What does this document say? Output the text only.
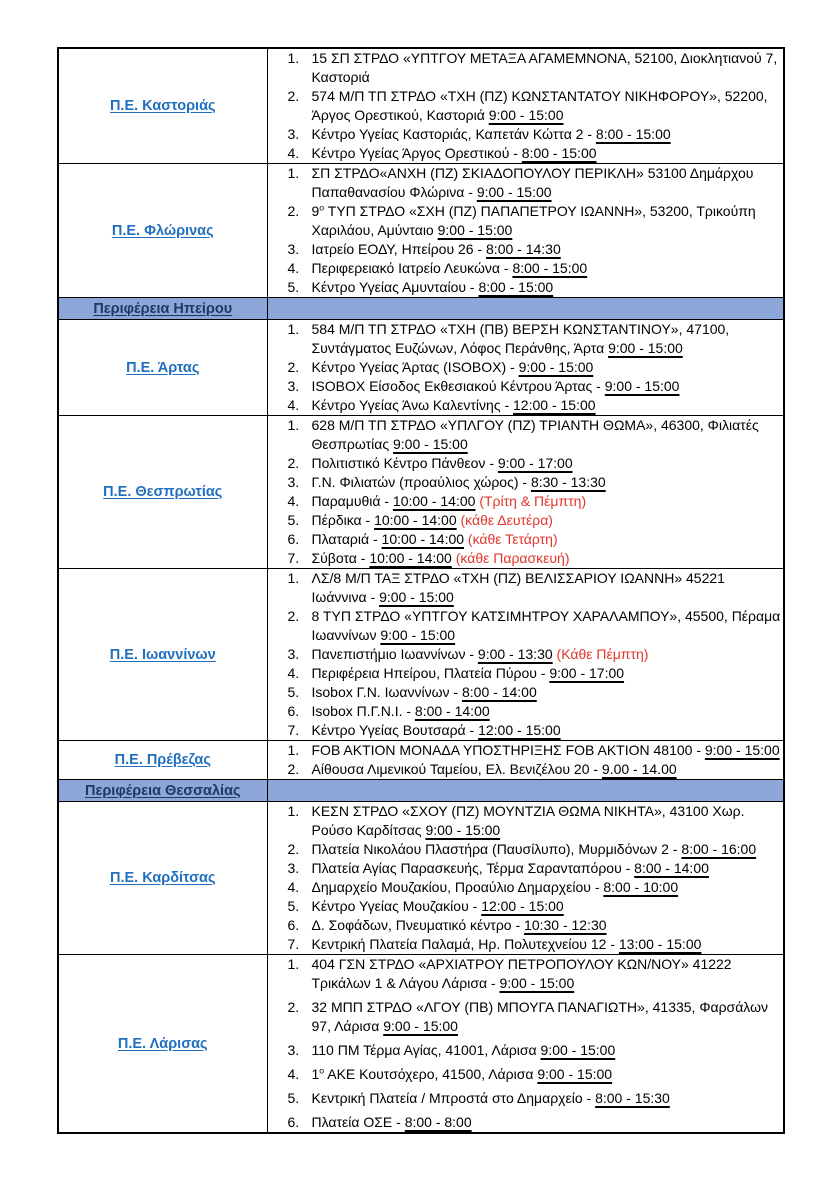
Π.Ε. Καστοριάς	
15 ΣΠ ΣΤΡΔΟ «ΥΠΤΓΟΥ ΜΕΤΑΞΑ ΑΓΑΜΕΜΝΟΝΑ, 52100, Διοκλητιανού 7, Καστοριά
574 Μ/Π ΤΠ ΣΤΡΔΟ «ΤΧΗ (ΠΖ) ΚΩΝΣΤΑΝΤΑΤΟΥ ΝΙΚΗΦΟΡΟΥ», 52200, Άργος Ορεστικού, Καστοριά 9:00 - 15:00
Κέντρο Υγείας Καστοριάς, Καπετάν Κώττα 2 - 8:00 - 15:00
Κέντρο Υγείας Άργος Ορεστικού - 8:00 - 15:00

Π.Ε. Φλώρινας	
ΣΠ ΣΤΡΔΟ«ΑΝΧΗ (ΠΖ) ΣΚΙΑΔΟΠΟΥΛΟΥ ΠΕΡΙΚΛΗ» 53100 Δημάρχου Παπαθανασίου Φλώρινα - 9:00 - 15:00
$9^o$ ΤΥΠ ΣΤΡΔΟ «ΣΧΗ (ΠΖ) ΠΑΠΑΠΕΤΡΟΥ ΙΩΑΝΝΗ», 53200, Τρικούπη Χαριλάου, Αμύνταιο 9:00 - 15:00
Ιατρείο ΕΟΔΥ, Ηπείρου 26 - 8:00 - 14:30
Περιφερειακό Ιατρείο Λευκώνα - 8:00 - 15:00
Κέντρο Υγείας Αμυνταίου - 8:00 - 15:00

Περιφέρεια Ηπείρου	
Π.Ε. Άρτας	
584 Μ/Π ΤΠ ΣΤΡΔΟ «ΤΧΗ (ΠΒ) ΒΕΡΣΗ ΚΩΝΣΤΑΝΤΙΝΟΥ», 47100, Συντάγματος Ευζώνων, Λόφος Περάνθης, Άρτα 9:00 - 15:00
Κέντρο Υγείας Άρτας (ISOBOX) - 9:00 - 15:00
ISOBOX Είσοδος Εκθεσιακού Κέντρου Άρτας - 9:00 - 15:00
Κέντρο Υγείας Άνω Καλεντίνης - 12:00 - 15:00

Π.Ε. Θεσπρωτίας	
628 Μ/Π ΤΠ ΣΤΡΔΟ «ΥΠΛΓΟΥ (ΠΖ) ΤΡΙΑΝΤΗ ΘΩΜΑ», 46300, Φιλιατές Θεσπρωτίας 9:00 - 15:00
Πολιτιστικό Κέντρο Πάνθεον - 9:00 - 17:00
Γ.Ν. Φιλιατών (προαύλιος χώρος) - 8:30 - 13:30
Παραμυθιά - 10:00 - 14:00 (Τρίτη & Πέμπτη)
Πέρδικα - 10:00 - 14:00 (κάθε Δευτέρα)
Πλαταριά - 10:00 - 14:00 (κάθε Τετάρτη)
Σύβοτα - 10:00 - 14:00 (κάθε Παρασκευή)

Π.Ε. Ιωαννίνων	
ΛΣ/8 Μ/Π ΤΑΞ ΣΤΡΔΟ «ΤΧΗ (ΠΖ) ΒΕΛΙΣΣΑΡΙΟΥ ΙΩΑΝΝΗ» 45221 Ιωάννινα - 9:00 - 15:00
8 ΤΥΠ ΣΤΡΔΟ «ΥΠΤΓΟΥ ΚΑΤΣΙΜΗΤΡΟΥ ΧΑΡΑΛΑΜΠΟΥ», 45500, Πέραμα Ιωαννίνων 9:00 - 15:00
Πανεπιστήμιο Ιωαννίνων - 9:00 - 13:30 (Κάθε Πέμπτη)
Περιφέρεια Ηπείρου, Πλατεία Πύρου - 9:00 - 17:00
Isobox Γ.Ν. Ιωαννίνων - 8:00 - 14:00
Isobox Π.Γ.Ν.Ι. - 8:00 - 14:00
Κέντρο Υγείας Βουτσαρά - 12:00 - 15:00

Π.Ε. Πρέβεζας	
FOB AKTION ΜΟΝΑΔΑ ΥΠΟΣΤΗΡΙΞΗΣ FOB AKTION 48100 - 9:00 - 15:00
Αίθουσα Λιμενικού Ταμείου, Ελ. Βενιζέλου 20 - 9.00 - 14.00

Περιφέρεια Θεσσαλίας	
Π.Ε. Καρδίτσας	
ΚΕΣΝ ΣΤΡΔΟ «ΣΧΟΥ (ΠΖ) ΜΟΥΝΤΖΙΑ ΘΩΜΑ ΝΙΚΗΤΑ», 43100 Χωρ. Ρούσο Καρδίτσας 9:00 - 15:00
Πλατεία Νικολάου Πλαστήρα (Παυσίλυπο), Μυρμιδόνων 2 - 8:00 - 16:00
Πλατεία Αγίας Παρασκευής, Τέρμα Σαρανταπόρου - 8:00 - 14:00
Δημαρχείο Μουζακίου, Προαύλιο Δημαρχείου - 8:00 - 10:00
Κέντρο Υγείας Μουζακίου - 12:00 - 15:00
Δ. Σοφάδων, Πνευματικό κέντρο - 10:30 - 12:30
Κεντρική Πλατεία Παλαμά, Ηρ. Πολυτεχνείου 12 - 13:00 - 15:00

Π.Ε. Λάρισας	
404 ΓΣΝ ΣΤΡΔΟ «ΑΡΧΙΑΤΡΟΥ ΠΕΤΡΟΠΟΥΛΟΥ ΚΩΝ/ΝΟΥ» 41222 Τρικάλων 1 & Λάγου Λάρισα - 9:00 - 15:00
32 ΜΠΠ ΣΤΡΔΟ «ΛΓΟΥ (ΠΒ) ΜΠΟΥΓΑ ΠΑΝΑΓΙΩΤΗ», 41335, Φαρσάλων 97, Λάρισα 9:00 - 15:00
110 ΠΜ Τέρμα Αγίας, 41001, Λάρισα 9:00 - 15:00
$1^o$ ΑΚΕ Κουτσόχερο, 41500, Λάρισα 9:00 - 15:00
Κεντρική Πλατεία / Μπροστά στο Δημαρχείο - 8:00 - 15:30
Πλατεία ΟΣΕ - 8:00 - 8:00
